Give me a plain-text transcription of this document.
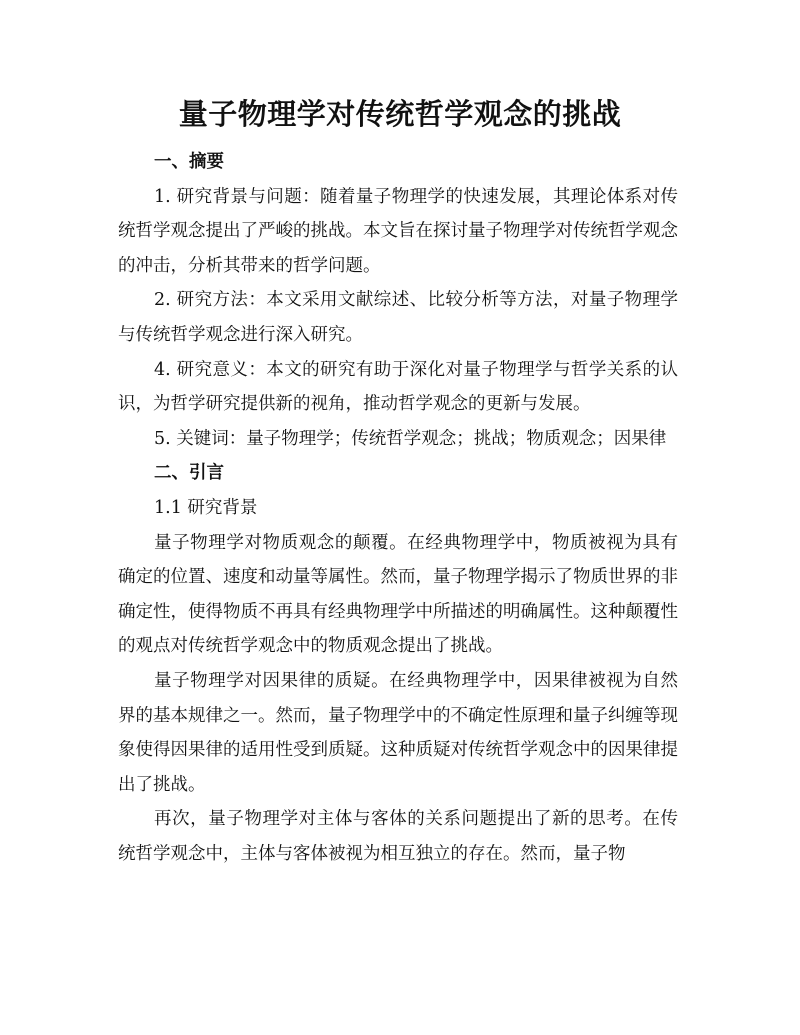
量子物理学对传统哲学观念的挑战

一、摘要

1. 研究背景与问题：随着量子物理学的快速发展，其理论体系对传统哲学观念提出了严峻的挑战。本文旨在探讨量子物理学对传统哲学观念的冲击，分析其带来的哲学问题。

2. 研究方法：本文采用文献综述、比较分析等方法，对量子物理学与传统哲学观念进行深入研究。

4. 研究意义：本文的研究有助于深化对量子物理学与哲学关系的认识，为哲学研究提供新的视角，推动哲学观念的更新与发展。

5. 关键词：量子物理学；传统哲学观念；挑战；物质观念；因果律

二、引言

1.1 研究背景

量子物理学对物质观念的颠覆。在经典物理学中，物质被视为具有确定的位置、速度和动量等属性。然而，量子物理学揭示了物质世界的非确定性，使得物质不再具有经典物理学中所描述的明确属性。这种颠覆性的观点对传统哲学观念中的物质观念提出了挑战。

量子物理学对因果律的质疑。在经典物理学中，因果律被视为自然界的基本规律之一。然而，量子物理学中的不确定性原理和量子纠缠等现象使得因果律的适用性受到质疑。这种质疑对传统哲学观念中的因果律提出了挑战。

再次，量子物理学对主体与客体的关系问题提出了新的思考。在传统哲学观念中，主体与客体被视为相互独立的存在。然而，量子物
